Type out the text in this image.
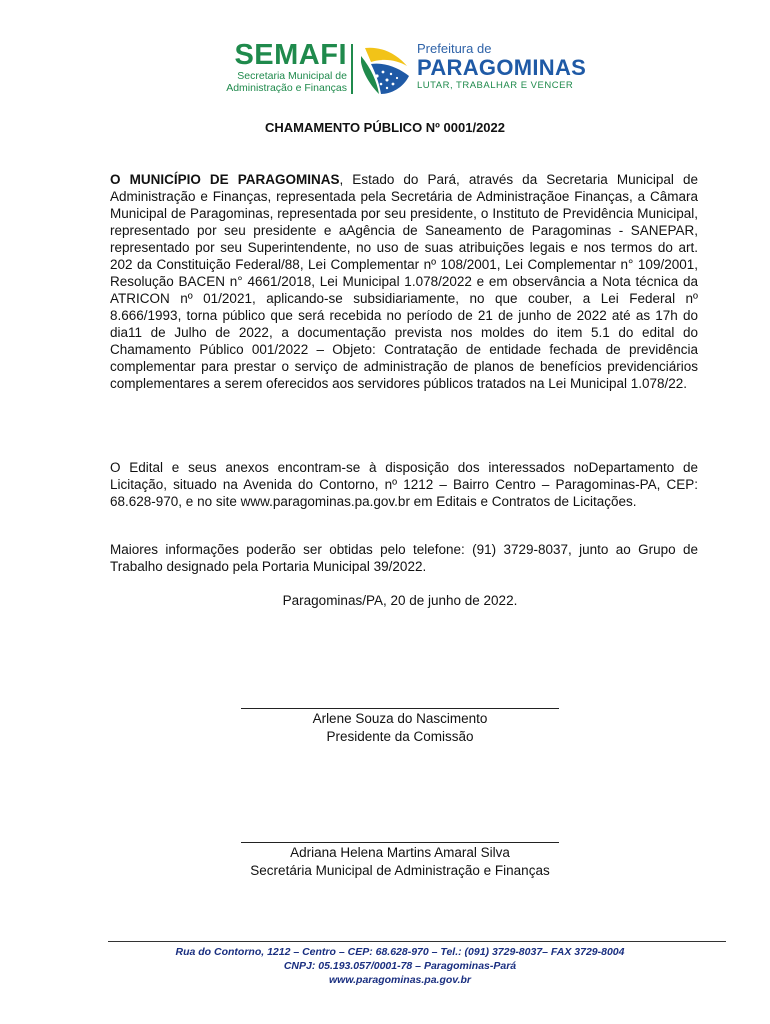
SEMAFI
Secretaria Municipal de
Administração e Finanças
Prefeitura de
PARAGOMINAS
LUTAR, TRABALHAR E VENCER
CHAMAMENTO PÚBLICO Nº 0001/2022
O MUNICÍPIO DE PARAGOMINAS, Estado do Pará, através da Secretaria Municipal de Administração e Finanças, representada pela Secretária de Administraçãoe Finanças, a Câmara Municipal de Paragominas, representada por seu presidente, o Instituto de Previdência Municipal, representado por seu presidente e aAgência de Saneamento de Paragominas - SANEPAR, representado por seu Superintendente, no uso de suas atribuições legais e nos termos do art. 202 da Constituição Federal/88, Lei Complementar nº 108/2001, Lei Complementar n° 109/2001, Resolução BACEN n° 4661/2018, Lei Municipal 1.078/2022 e em observância a Nota técnica da ATRICON nº 01/2021, aplicando-se subsidiariamente, no que couber, a Lei Federal nº 8.666/1993, torna público que será recebida no período de 21 de junho de 2022 até as 17h do dia11 de Julho de 2022, a documentação prevista nos moldes do item 5.1 do edital do Chamamento Público 001/2022 – Objeto: Contratação de entidade fechada de previdência complementar para prestar o serviço de administração de planos de benefícios previdenciários complementares a serem oferecidos aos servidores públicos tratados na Lei Municipal 1.078/22.
O Edital e seus anexos encontram-se à disposição dos interessados noDepartamento de Licitação, situado na Avenida do Contorno, nº 1212 – Bairro Centro – Paragominas-PA, CEP: 68.628-970, e no site www.paragominas.pa.gov.br em Editais e Contratos de Licitações.
Maiores informações poderão ser obtidas pelo telefone: (91) 3729-8037, junto ao Grupo de Trabalho designado pela Portaria Municipal 39/2022.
Paragominas/PA, 20 de junho de 2022.
Arlene Souza do Nascimento
Presidente da Comissão
Adriana Helena Martins Amaral Silva
Secretária Municipal de Administração e Finanças
Rua do Contorno, 1212 – Centro – CEP: 68.628-970 – Tel.: (091) 3729-8037– FAX 3729-8004
CNPJ: 05.193.057/0001-78 – Paragominas-Pará
www.paragominas.pa.gov.br
